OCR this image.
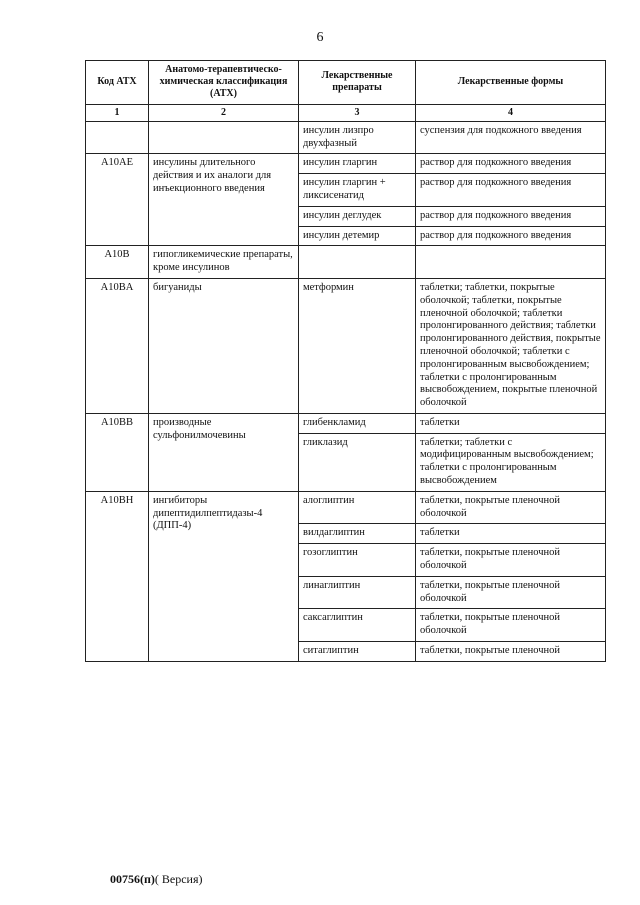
6
Код АТХ	Анатомо-терапевтическо-химическая классификация (АТХ)	Лекарственные препараты	Лекарственные формы
1	2	3	4
		инсулин лизпро двухфазный	суспензия для подкожного введения
A10AE	инсулины длительного действия и их аналоги для инъекционного введения	инсулин гларгин	раствор для подкожного введения
		инсулин гларгин + ликсисенатид	раствор для подкожного введения
		инсулин деглудек	раствор для подкожного введения
		инсулин детемир	раствор для подкожного введения
A10B	гипогликемические препараты, кроме инсулинов		
A10BA	бигуаниды	метформин	таблетки; таблетки, покрытые оболочкой; таблетки, покрытые пленочной оболочкой; таблетки пролонгированного действия; таблетки пролонгированного действия, покрытые пленочной оболочкой; таблетки с пролонгированным высвобождением; таблетки с пролонгированным высвобождением, покрытые пленочной оболочкой
A10BB	производные сульфонилмочевины	глибенкламид	таблетки
		гликлазид	таблетки; таблетки с модифицированным высвобождением; таблетки с пролонгированным высвобождением
A10BH	ингибиторы дипептидилпептидазы-4 (ДПП-4)	алоглиптин	таблетки, покрытые пленочной оболочкой
		вилдаглиптин	таблетки
		гозоглиптин	таблетки, покрытые пленочной оболочкой
		линаглиптин	таблетки, покрытые пленочной оболочкой
		саксаглиптин	таблетки, покрытые пленочной оболочкой
		ситаглиптин	таблетки, покрытые пленочной
00756(п)( Версия)
